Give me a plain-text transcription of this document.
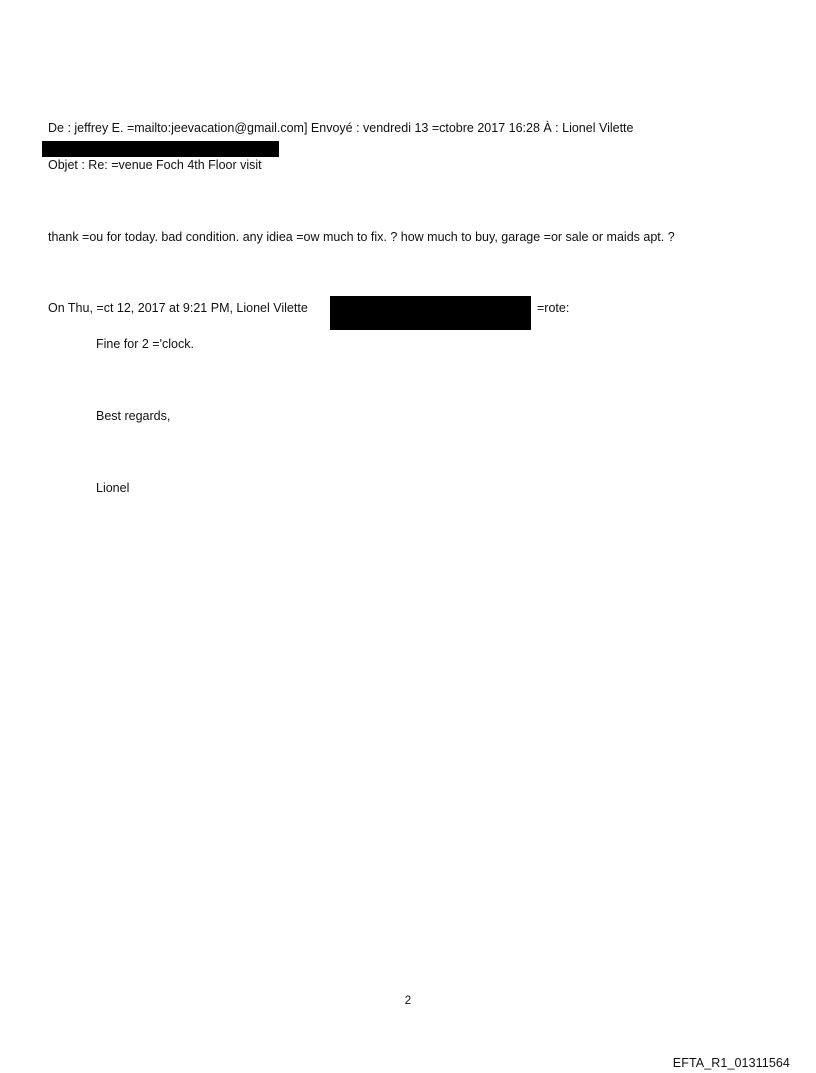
De : jeffrey E. =mailto:jeevacation@gmail.com] Envoyé : vendredi 13 =ctobre 2017 16:28 À : Lionel Vilette
Objet : Re: =venue Foch 4th Floor visit
thank =ou for today. bad condition. any idiea =ow much to fix. ? how much to buy, garage =or sale or maids apt. ?
On Thu, =ct 12, 2017 at 9:21 PM, Lionel Vilette	=rote:
Fine for 2 ='clock.
Best regards,
Lionel
2
EFTA_R1_01311564
